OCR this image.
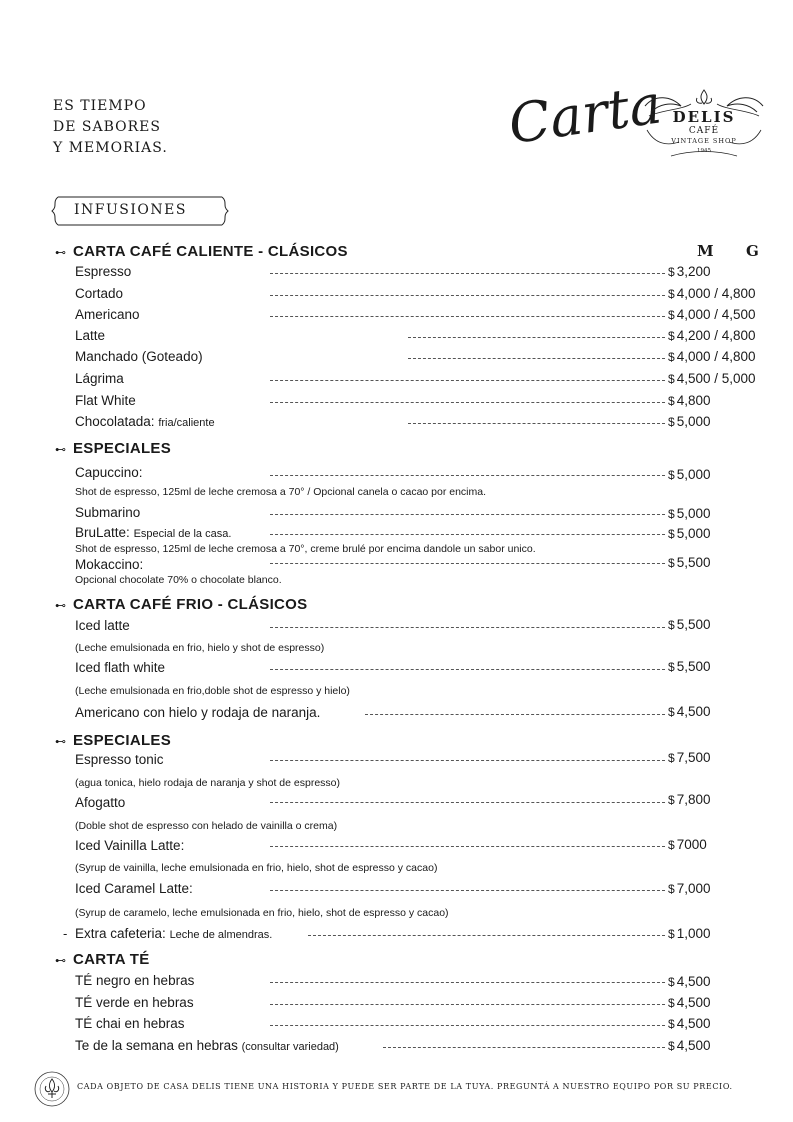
ES TIEMPO
DE SABORES
Y MEMORIAS.	Carta DELIS
CAFÉ
VINTAGE SHOP
1945
INFUSIONES
M G
⊷ CARTA CAFÉ CALIENTE - CLÁSICOS
⊷ ESPECIALES
⊷ CARTA CAFÉ FRIO - CLÁSICOS
⊷ ESPECIALES
⊷ CARTA TÉ
Espresso
Cortado
Americano
Latte
Manchado (Goteado)
Lágrima
Flat White
Chocolatada: fria/caliente
Capuccino:
Shot de espresso, 125ml de leche cremosa a 70° / Opcional canela o cacao por encima.
Submarino
BruLatte: Especial de la casa.
Shot de espresso, 125ml de leche cremosa a 70°, creme brulé por encima dandole un sabor unico.
Mokaccino:
Opcional chocolate 70% o chocolate blanco.
Iced latte
(Leche emulsionada en frio, hielo y shot de espresso)
Iced flath white
(Leche emulsionada en frio,doble shot de espresso y hielo)
Americano con hielo y rodaja de naranja.
Espresso tonic
(agua tonica, hielo rodaja de naranja y shot de espresso)
Afogatto
(Doble shot de espresso con helado de vainilla o crema)
Iced Vainilla Latte:
(Syrup de vainilla, leche emulsionada en frio, hielo, shot de espresso y cacao)
Iced Caramel Latte:
(Syrup de caramelo, leche emulsionada en frio, hielo, shot de espresso y cacao)
- Extra cafeteria: Leche de almendras.
TÉ negro en hebras
TÉ verde en hebras
TÉ chai en hebras
Te de la semana en hebras (consultar variedad)
$ 3,200
$ 4,000 / 4,800
$ 4,000 / 4,500
$ 4,200 / 4,800
$ 4,000 / 4,800
$ 4,500 / 5,000
$ 4,800
$ 5,000
$ 5,000
$ 5,000
$ 5,000
$ 5,500
$ 5,500
$ 5,500
$ 4,500
$ 7,500
$ 7,800
$ 7000
$ 7,000
$ 1,000
$ 4,500
$ 4,500
$ 4,500
$ 4,500
CADA OBJETO DE CASA DELIS TIENE UNA HISTORIA Y PUEDE SER PARTE DE LA TUYA. PREGUNTÁ A NUESTRO EQUIPO POR SU PRECIO.
